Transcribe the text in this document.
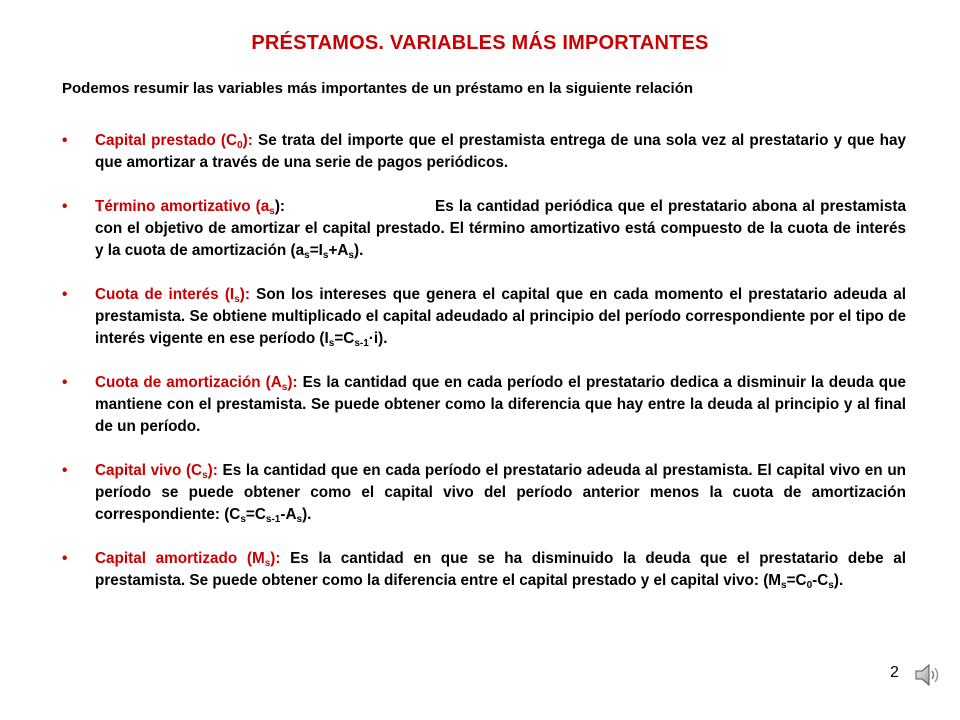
PRÉSTAMOS. VARIABLES MÁS IMPORTANTES
Podemos resumir las variables más importantes de un préstamo en la siguiente relación
• Capital prestado $(C_0)$: Se trata del importe que el prestamista entrega de una sola vez al prestatario y que hay que amortizar a través de una serie de pagos periódicos.
• Término amortizativo $(a_s)$:	Es la cantidad periódica que el prestatario abona al prestamista con el objetivo de amortizar el capital prestado. El término amortizativo está compuesto de la cuota de interés y la cuota de amortización $(a_s=I_s+A_s)$.
• Cuota de interés $(I_s)$: Son los intereses que genera el capital que en cada momento el prestatario adeuda al prestamista. Se obtiene multiplicado el capital adeudado al principio del período correspondiente por el tipo de interés vigente en ese período $(I_s=C_{s-1}\cdot i)$.
• Cuota de amortización $(A_s)$: Es la cantidad que en cada período el prestatario dedica a disminuir la deuda que mantiene con el prestamista. Se puede obtener como la diferencia que hay entre la deuda al principio y al final de un período.
• Capital vivo $(C_s)$: Es la cantidad que en cada período el prestatario adeuda al prestamista. El capital vivo en un período se puede obtener como el capital vivo del período anterior menos la cuota de amortización correspondiente: $(C_s=C_{s-1}-A_s)$.
• Capital amortizado $(M_s)$: Es la cantidad en que se ha disminuido la deuda que el prestatario debe al prestamista. Se puede obtener como la diferencia entre el capital prestado y el capital vivo: $(M_s=C_0-C_s)$.
2
